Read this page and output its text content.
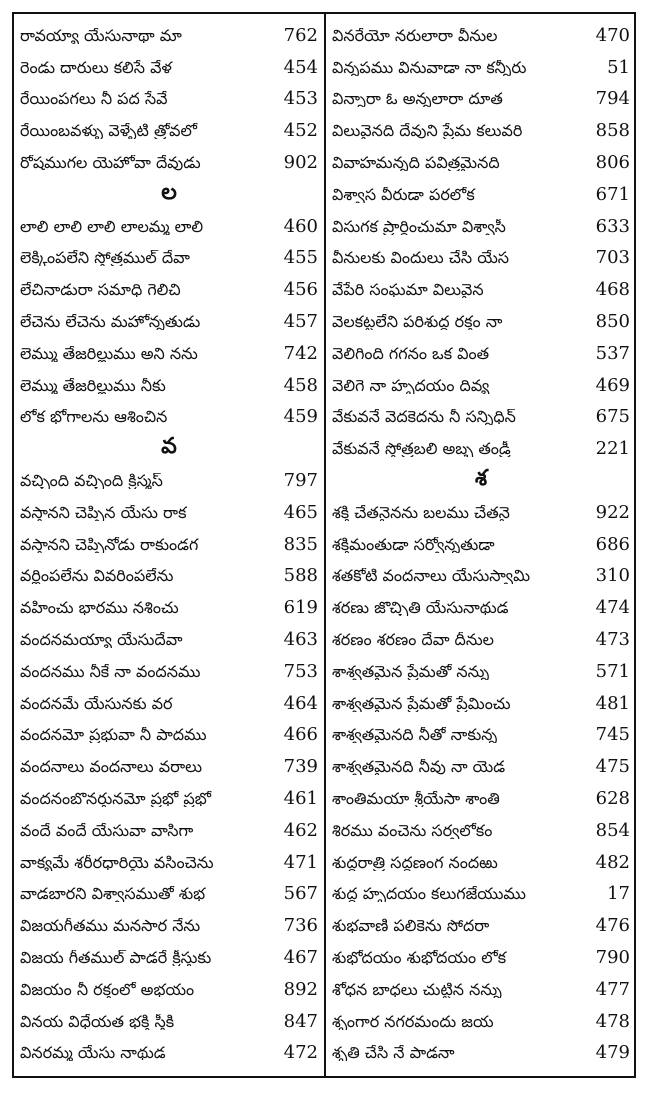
రావయ్యా యేసునాథా మా	762
రెండు దారులు కలిసే వేళ	454
రేయింపగలు నీ పద సేవే	453
రేయింబవళ్ళు వెళ్ళేటి త్రోవలో	452
రోషముగల యెహోవా దేవుడు	902
ల
లాలి లాలి లాలి లాలమ్మ లాలి	460
లెక్కింపలేని స్తోత్రముల్ దేవా	455
లేచినాడురా సమాధి గెలిచి	456
లేచెను లేచెను మహోన్నతుడు	457
లెమ్ము తేజరిల్లుము అని నను	742
లెమ్ము తేజరిల్లుము నీకు	458
లోక భోగాలను ఆశించిన	459
వ
వచ్చింది వచ్చింది క్రిస్మస్	797
వస్తానని చెప్పిన యేసు రాక	465
వస్తానని చెప్పినోడు రాకుండగ	835
వర్ణింపలేను వివరింపలేను	588
వహించు భారము నశించు	619
వందనమయ్యా యేసుదేవా	463
వందనము నీకే నా వందనము	753
వందనమే యేసునకు వర	464
వందనమో ప్రభువా నీ పాదము	466
వందనాలు వందనాలు వరాలు	739
వందనంబొనర్తునమో ప్రభో ప్రభో	461
వందే వందే యేసువా వాసిగా	462
వాక్యమే శరీరధారియై వసించెను	471
వాడబారని విశ్వాసముతో శుభ	567
విజయగీతము మనసార నేను	736
విజయ గీతముల్ పాడరే క్రీస్తుకు	467
విజయం నీ రక్తంలో అభయం	892
వినయ విధేయత భక్తి స్త్రీకి	847
వినరమ్మ యేసు నాథుడ	472
వినరేయో నరులారా వీనుల	470
విన్నపము వినువాడా నా కన్నీరు	51
విన్నారా ఓ అన్నలారా దూత	794
విలువైనది దేవుని ప్రేమ కలువరి	858
వివాహమన్నది పవిత్రమైనది	806
విశ్వాస వీరుడా పరలోక	671
విసుగక ప్రార్థించుమా విశ్వాసీ	633
వీనులకు విందులు చేసి యేస	703
వేపేరి సంఘమా విలువైన	468
వెలకట్టలేని పరిశుద్ధ రక్తం నా	850
వెలిగింది గగనం ఒక వింత	537
వెలిగె నా హృదయం దివ్య	469
వేకువనే వెదకెదను నీ సన్నిధిన్	675
వేకువనే స్తోత్రబలి అబ్బ తండ్రీ	221
శ
శక్తి చేతనైనను బలము చేతనై	922
శక్తిమంతుడా సర్వోన్నతుడా	686
శతకోటి వందనాలు యేసుస్వామి	310
శరణు జొచ్చితి యేసునాథుడ	474
శరణం శరణం దేవా దీనుల	473
శాశ్వతమైన ప్రేమతో నన్ను	571
శాశ్వతమైన ప్రేమతో ప్రేమించు	481
శాశ్వతమైనది నీతో నాకున్న	745
శాశ్వతమైనది నీవు నా యెడ	475
శాంతిమయా శ్రీయేసా శాంతి	628
శిరము వంచెను సర్వలోకం	854
శుద్ధరాత్రి సద్దణంగ నందఱు	482
శుద్ధ హృదయం కలుగజేయుము	17
శుభవాణి పలికెను సోదరా	476
శుభోదయం శుభోదయం లోక	790
శోధన బాధలు చుట్టిన నన్ను	477
శృంగార నగరమందు జయ	478
శృతి చేసి నే పాడనా	479
